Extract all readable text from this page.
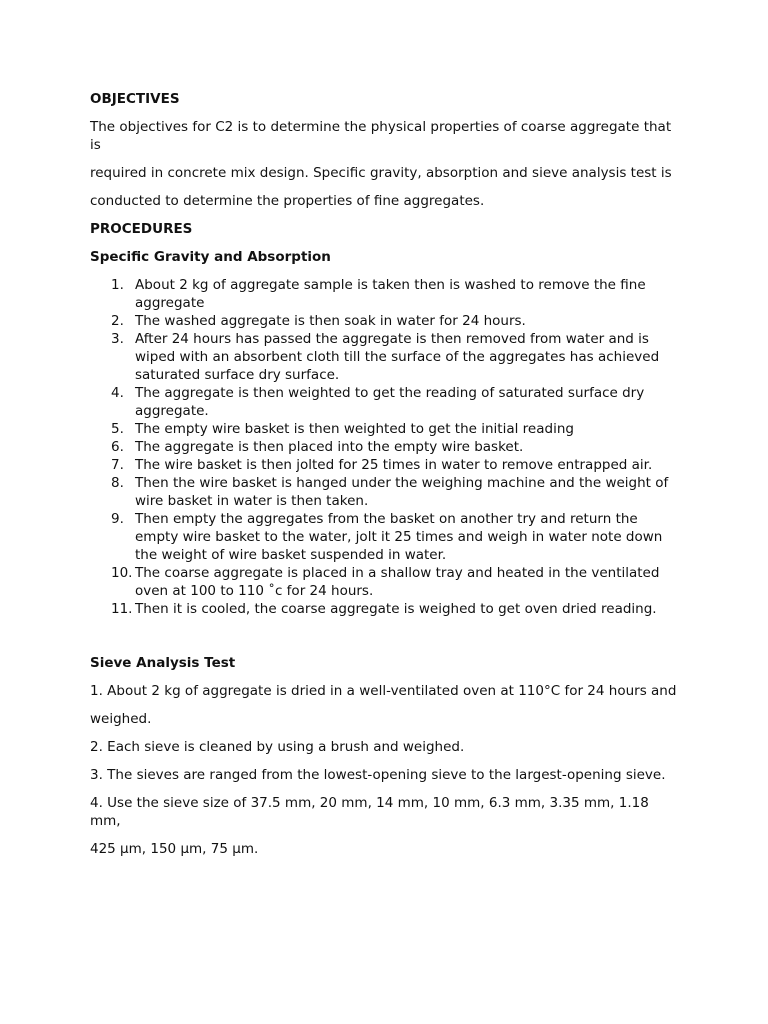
OBJECTIVES
The objectives for C2 is to determine the physical properties of coarse aggregate that is
required in concrete mix design. Specific gravity, absorption and sieve analysis test is
conducted to determine the properties of fine aggregates.
PROCEDURES
Specific Gravity and Absorption
1. About 2 kg of aggregate sample is taken then is washed to remove the fine aggregate
2. The washed aggregate is then soak in water for 24 hours.
3. After 24 hours has passed the aggregate is then removed from water and is wiped with an absorbent cloth till the surface of the aggregates has achieved saturated surface dry surface.
4. The aggregate is then weighted to get the reading of saturated surface dry aggregate.
5. The empty wire basket is then weighted to get the initial reading
6. The aggregate is then placed into the empty wire basket.
7. The wire basket is then jolted for 25 times in water to remove entrapped air.
8. Then the wire basket is hanged under the weighing machine and the weight of wire basket in water is then taken.
9. Then empty the aggregates from the basket on another try and return the empty wire basket to the water, jolt it 25 times and weigh in water note down the weight of wire basket suspended in water.
10. The coarse aggregate is placed in a shallow tray and heated in the ventilated oven at 100 to 110 ˚c for 24 hours.
11. Then it is cooled, the coarse aggregate is weighed to get oven dried reading.
Sieve Analysis Test
1. About 2 kg of aggregate is dried in a well-ventilated oven at 110°C for 24 hours and
weighed.
2. Each sieve is cleaned by using a brush and weighed.
3. The sieves are ranged from the lowest-opening sieve to the largest-opening sieve.
4. Use the sieve size of 37.5 mm, 20 mm, 14 mm, 10 mm, 6.3 mm, 3.35 mm, 1.18 mm,
425 µm, 150 µm, 75 µm.
